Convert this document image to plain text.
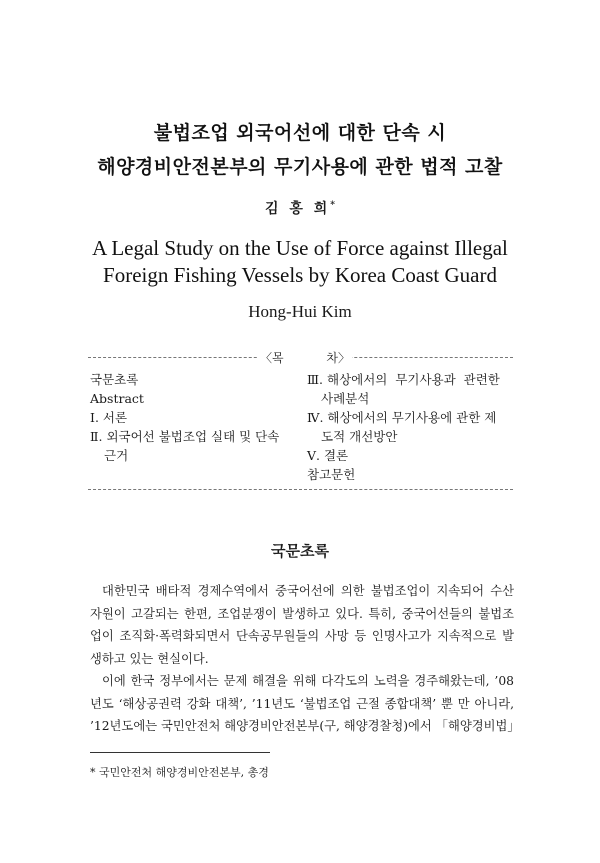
불법조업 외국어선에 대한 단속 시
해양경비안전본부의 무기사용에 관한 법적 고찰
김 홍 희*
A Legal Study on the Use of Force against Illegal
Foreign Fishing Vessels by Korea Coast Guard
Hong-Hui Kim
〈목	차〉
국문초록
Abstract
Ⅰ. 서론
Ⅱ. 외국어선 불법조업 실태 및 단속
근거
Ⅲ. 해상에서의  무기사용과  관련한
사례분석
Ⅳ. 해상에서의 무기사용에 관한 제
도적 개선방안
Ⅴ. 결론
참고문헌
국문초록
대한민국 배타적 경제수역에서 중국어선에 의한 불법조업이 지속되어 수산
자원이 고갈되는 한편, 조업분쟁이 발생하고 있다. 특히, 중국어선들의 불법조
업이 조직화·폭력화되면서 단속공무원들의 사망 등 인명사고가 지속적으로 발
생하고 있는 현실이다.
이에 한국 정부에서는 문제 해결을 위해 다각도의 노력을 경주해왔는데, ’08
년도 ‘해상공권력 강화 대책’, ’11년도 ‘불법조업 근절 종합대책’ 뿐 만 아니라,
’12년도에는 국민안전처 해양경비안전본부(구, 해양경찰청)에서 「해양경비법」
* 국민안전처 해양경비안전본부, 총경
